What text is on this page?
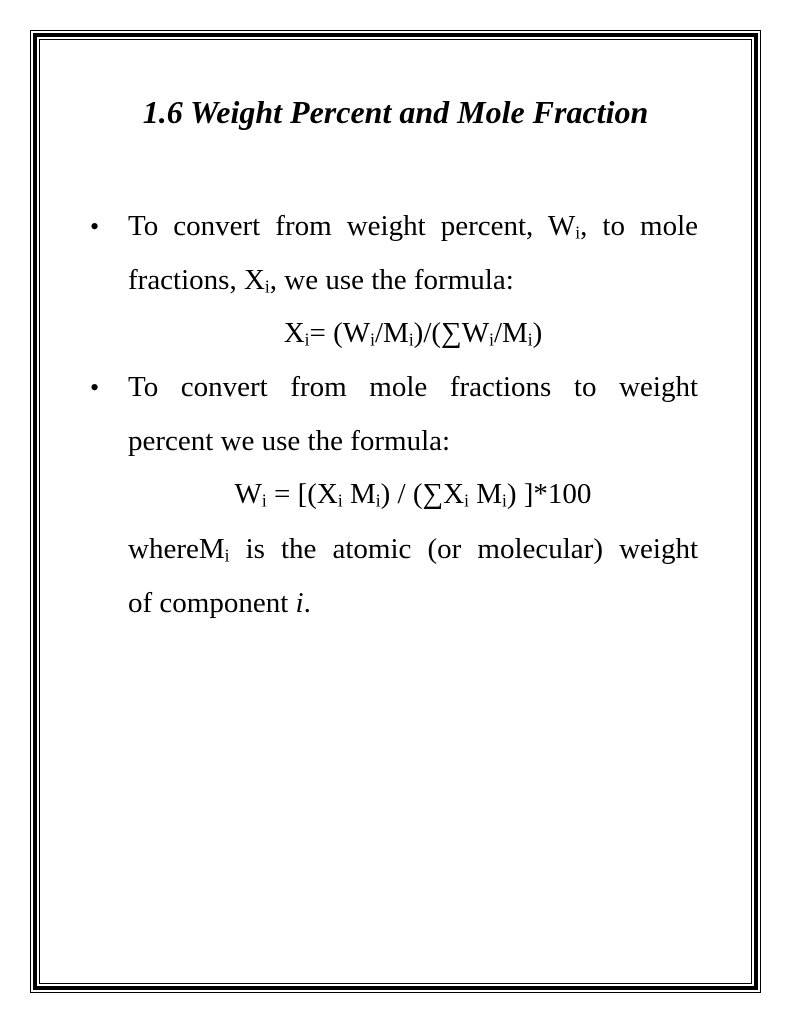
1.6 Weight Percent and Mole Fraction
• To convert from weight percent, $W_i$, to mole
fractions, $X_i$, we use the formula:
$X_i= (W_i/M_i)/(\sum W_i/M_i)$
• To convert from mole fractions to weight
percent we use the formula:
$W_i = [(X_i$ $M_i) / (\sum X_i$ $M_i$) ]*100
whereM$_i$ is the atomic (or molecular) weight
of component i.
